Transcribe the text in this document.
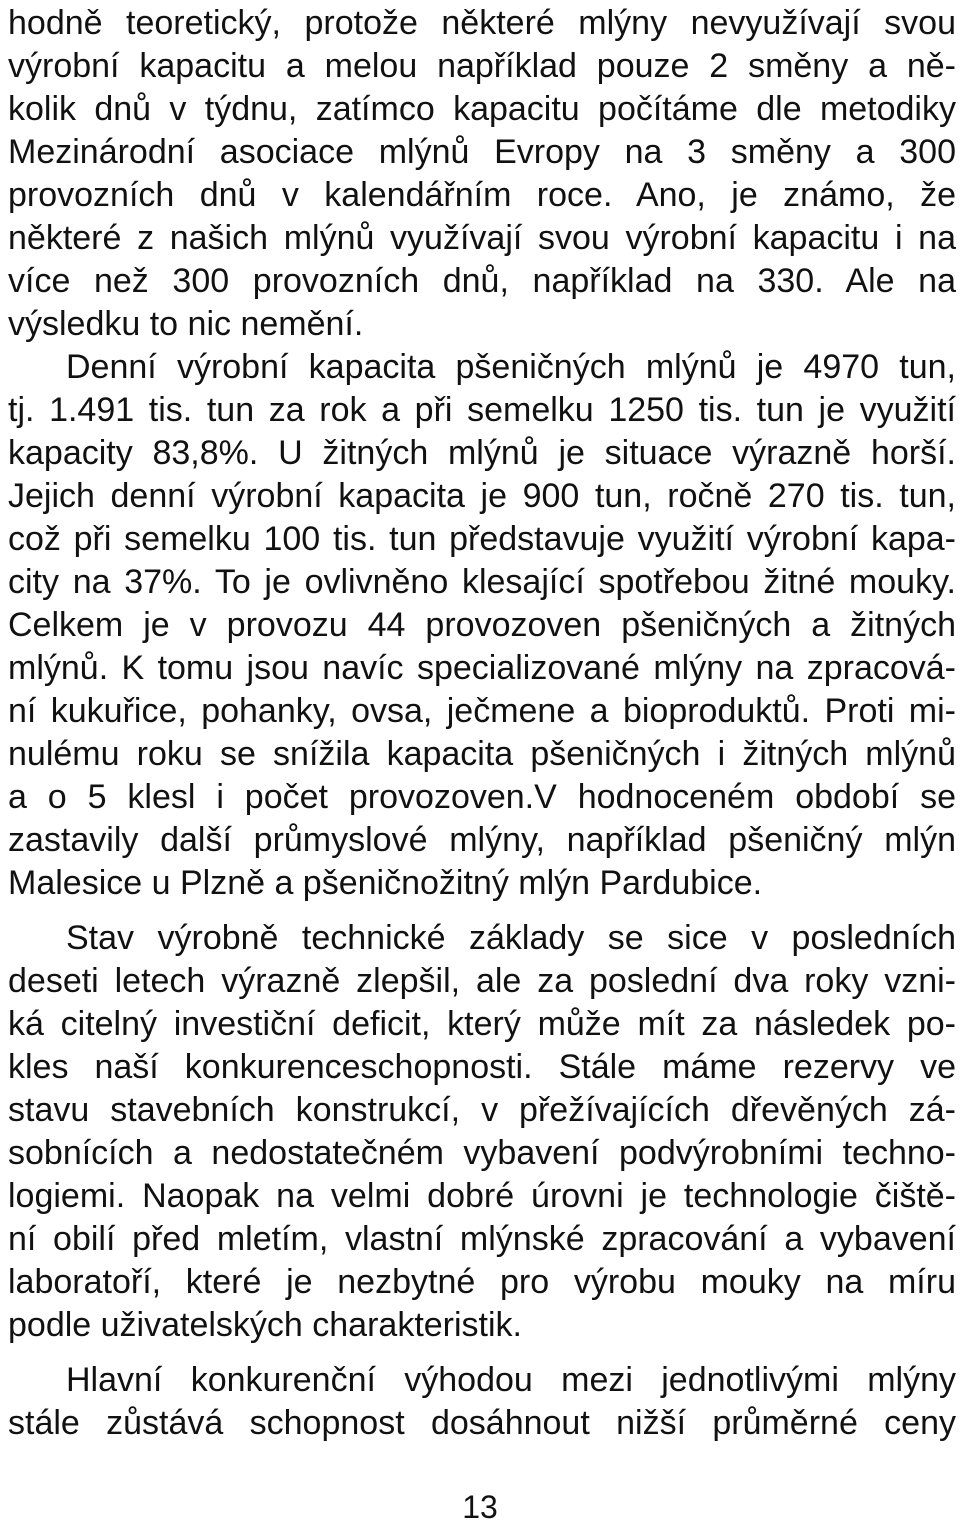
hodně teoretický, protože některé mlýny nevyužívají svou
výrobní kapacitu a melou například pouze 2 směny a ně-
kolik dnů v týdnu, zatímco kapacitu počítáme dle metodiky
Mezinárodní asociace mlýnů Evropy na 3 směny a 300
provozních dnů v kalendářním roce. Ano, je známo, že
některé z našich mlýnů využívají svou výrobní kapacitu i na
více než 300 provozních dnů, například na 330. Ale na
výsledku to nic nemění.
Denní výrobní kapacita pšeničných mlýnů je 4970 tun,
tj. 1.491 tis. tun za rok a při semelku 1250 tis. tun je využití
kapacity 83,8%. U žitných mlýnů je situace výrazně horší.
Jejich denní výrobní kapacita je 900 tun, ročně 270 tis. tun,
což při semelku 100 tis. tun představuje využití výrobní kapa-
city na 37%. To je ovlivněno klesající spotřebou žitné mouky.
Celkem je v provozu 44 provozoven pšeničných a žitných
mlýnů. K tomu jsou navíc specializované mlýny na zpracová-
ní kukuřice, pohanky, ovsa, ječmene a bioproduktů. Proti mi-
nulému roku se snížila kapacita pšeničných i žitných mlýnů
a o 5 klesl i počet provozoven.V hodnoceném období se
zastavily další průmyslové mlýny, například pšeničný mlýn
Malesice u Plzně a pšeničnožitný mlýn Pardubice.
Stav výrobně technické základy se sice v posledních
deseti letech výrazně zlepšil, ale za poslední dva roky vzni-
ká citelný investiční deficit, který může mít za následek po-
kles naší konkurenceschopnosti. Stále máme rezervy ve
stavu stavebních konstrukcí, v přežívajících dřevěných zá-
sobnících a nedostatečném vybavení podvýrobními techno-
logiemi. Naopak na velmi dobré úrovni je technologie čiště-
ní obilí před mletím, vlastní mlýnské zpracování a vybavení
laboratoří, které je nezbytné pro výrobu mouky na míru
podle uživatelských charakteristik.
Hlavní konkurenční výhodou mezi jednotlivými mlýny
stále zůstává schopnost dosáhnout nižší průměrné ceny
13
